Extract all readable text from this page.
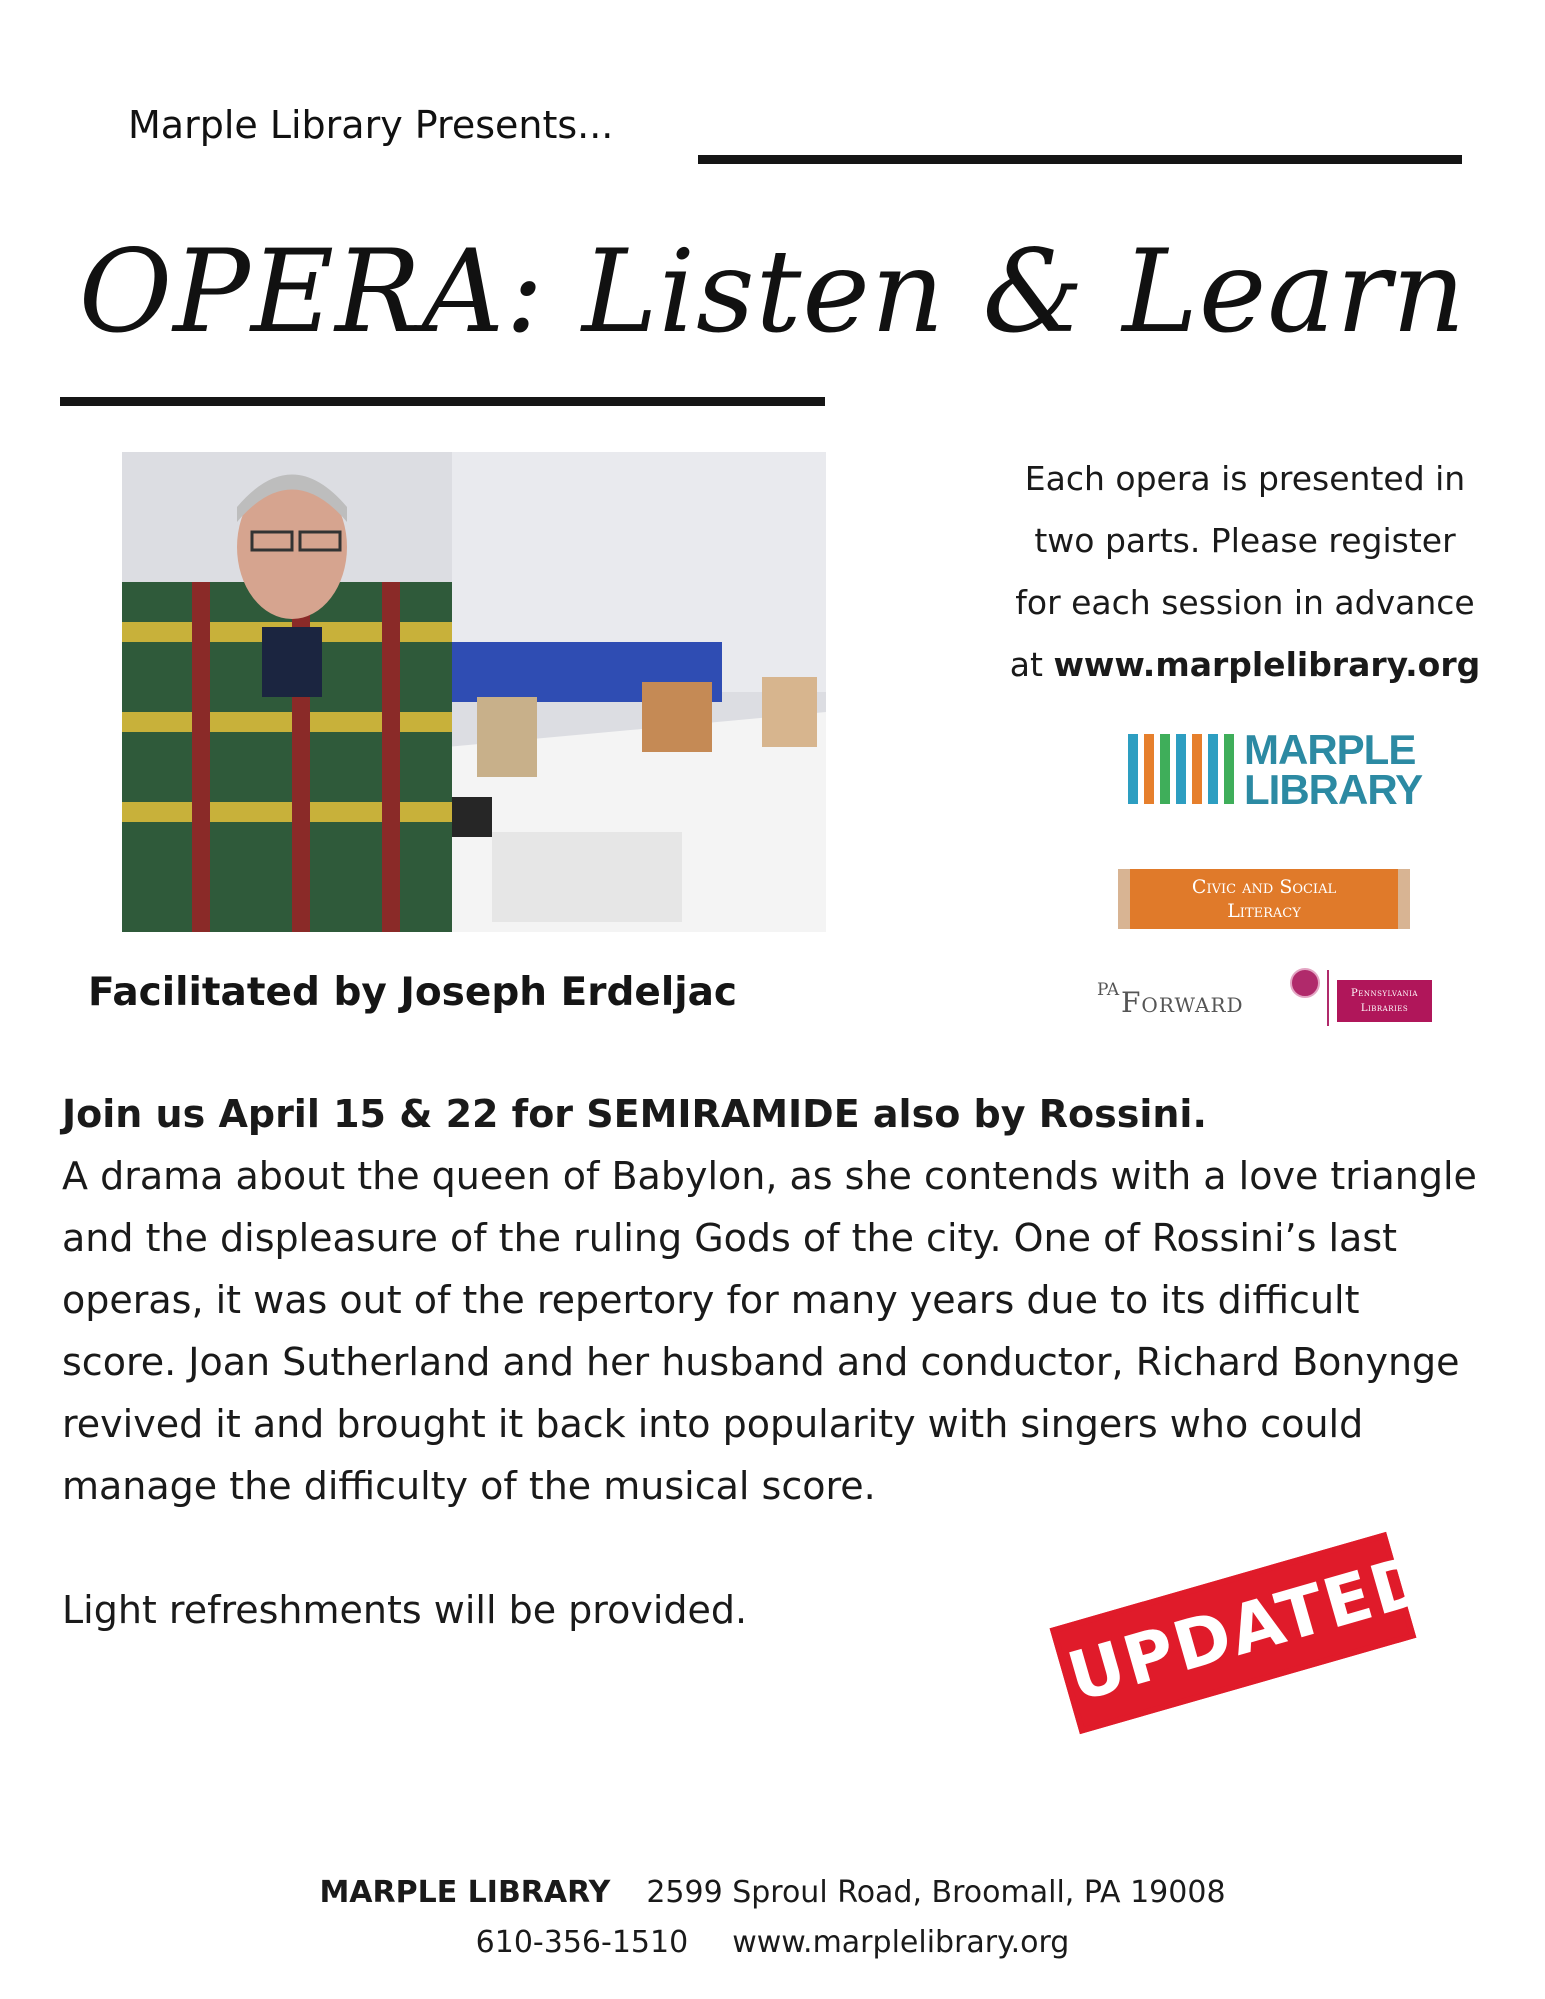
Marple Library Presents...
OPERA: Listen & Learn
Facilitated by Joseph Erdeljac
Each opera is presented in
two parts. Please register
for each session in advance
at www.marplelibrary.org
MARPLE
LIBRARY
Civic and Social
Literacy
PA Forward	Pennsylvania
Libraries

Join us April 15 & 22 for SEMIRAMIDE also by Rossini.

A drama about the queen of Babylon, as she contends with a love triangle and the displeasure of the ruling Gods of the city. One of Rossini’s last operas, it was out of the repertory for many years due to its difficult score. Joan Sutherland and her husband and conductor, Richard Bonynge revived it and brought it back into popularity with singers who could manage the difficulty of the musical score.

Light refreshments will be provided.	UPDATED
MARPLE LIBRARY 2599 Sproul Road, Broomall, PA 19008
610-356-1510 www.marplelibrary.org
